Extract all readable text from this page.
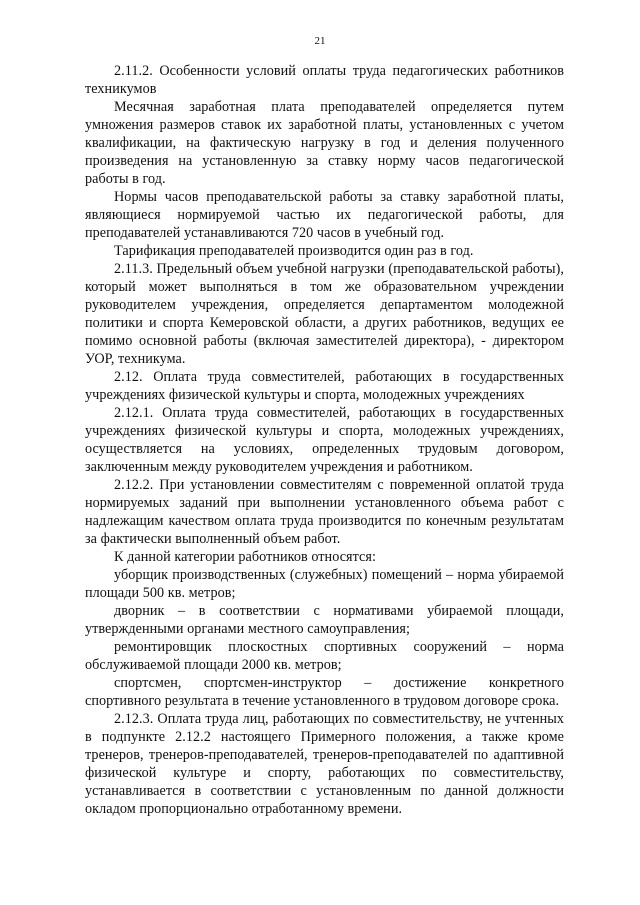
21

2.11.2. Особенности условий оплаты труда педагогических работников техникумов

Месячная заработная плата преподавателей определяется путем умножения размеров ставок их заработной платы, установленных с учетом квалификации, на фактическую нагрузку в год и деления полученного произведения на установленную за ставку норму часов педагогической работы в год.

Нормы часов преподавательской работы за ставку заработной платы, являющиеся нормируемой частью их педагогической работы, для преподавателей устанавливаются 720 часов в учебный год.

Тарификация преподавателей производится один раз в год.

2.11.3. Предельный объем учебной нагрузки (преподавательской работы), который может выполняться в том же образовательном учреждении руководителем учреждения, определяется департаментом молодежной политики и спорта Кемеровской области, а других работников, ведущих ее помимо основной работы (включая заместителей директора), - директором УОР, техникума.

2.12. Оплата труда совместителей, работающих в государственных учреждениях физической культуры и спорта, молодежных учреждениях

2.12.1. Оплата труда совместителей, работающих в государственных учреждениях физической культуры и спорта, молодежных учреждениях, осуществляется на условиях, определенных трудовым договором, заключенным между руководителем учреждения и работником.

2.12.2. При установлении совместителям с повременной оплатой труда нормируемых заданий при выполнении установленного объема работ с надлежащим качеством оплата труда производится по конечным результатам за фактически выполненный объем работ.

К данной категории работников относятся:

уборщик производственных (служебных) помещений – норма убираемой площади 500 кв. метров;

дворник – в соответствии с нормативами убираемой площади, утвержденными органами местного самоуправления;

ремонтировщик плоскостных спортивных сооружений – норма обслуживаемой площади 2000 кв. метров;

спортсмен, спортсмен-инструктор – достижение конкретного спортивного результата в течение установленного в трудовом договоре срока.

2.12.3. Оплата труда лиц, работающих по совместительству, не учтенных в подпункте 2.12.2 настоящего Примерного положения, а также кроме тренеров, тренеров-преподавателей, тренеров-преподавателей по адаптивной физической культуре и спорту, работающих по совместительству, устанавливается в соответствии с установленным по данной должности окладом пропорционально отработанному времени.
